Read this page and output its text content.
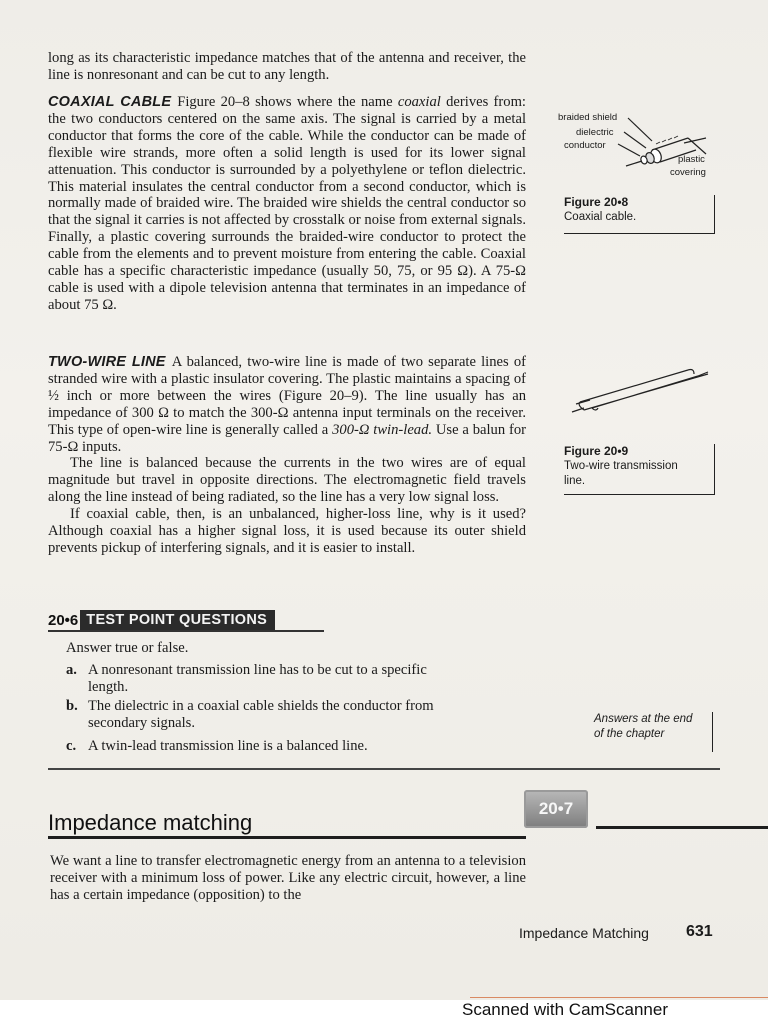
long as its characteristic impedance matches that of the antenna and receiver, the line is nonresonant and can be cut to any length.

COAXIAL CABLE Figure 20–8 shows where the name coaxial derives from: the two conductors centered on the same axis. The signal is carried by a metal conductor that forms the core of the cable. While the conductor can be made of flexible wire strands, more often a solid length is used for its lower signal attenuation. This conductor is surrounded by a polyethylene or teflon dielectric. This material insulates the central conductor from a second conductor, which is normally made of braided wire. The braided wire shields the central conductor so that the signal it carries is not affected by crosstalk or noise from external signals. Finally, a plastic covering surrounds the braided-wire conductor to protect the cable from the elements and to prevent moisture from entering the cable. Coaxial cable has a specific characteristic impedance (usually 50, 75, or 95 Ω). A 75-Ω cable is used with a dipole television antenna that terminates in an impedance of about 75 Ω.

TWO-WIRE LINE A balanced, two-wire line is made of two separate lines of stranded wire with a plastic insulator covering. The plastic maintains a spacing of ½ inch or more between the wires (Figure 20–9). The line usually has an impedance of 300 Ω to match the 300-Ω antenna input terminals on the receiver. This type of open-wire line is generally called a 300-Ω twin-lead. Use a balun for 75-Ω inputs.

The line is balanced because the currents in the two wires are of equal magnitude but travel in opposite directions. The electromagnetic field travels along the line instead of being radiated, so the line has a very low signal loss.

If coaxial cable, then, is an unbalanced, higher-loss line, why is it used? Although coaxial has a higher signal loss, it is used because its outer shield prevents pickup of interfering signals, and it is easier to install.

braided shield
dielectric
conductor
plastic
covering
Figure 20•8
Coaxial cable.
Figure 20•9
Two-wire transmission
line.
20•6 TEST POINT QUESTIONS
Answer true or false.
a. A nonresonant transmission line has to be cut to a specific
length.
b. The dielectric in a coaxial cable shields the conductor from
secondary signals.
c. A twin-lead transmission line is a balanced line.
Answers at the end
of the chapter
20•7
Impedance matching
We want a line to transfer electromagnetic energy from an antenna to a television receiver with a minimum loss of power. Like any electric circuit, however, a line has a certain impedance (opposition) to the
Impedance Matching 631
Scanned with CamScanner
